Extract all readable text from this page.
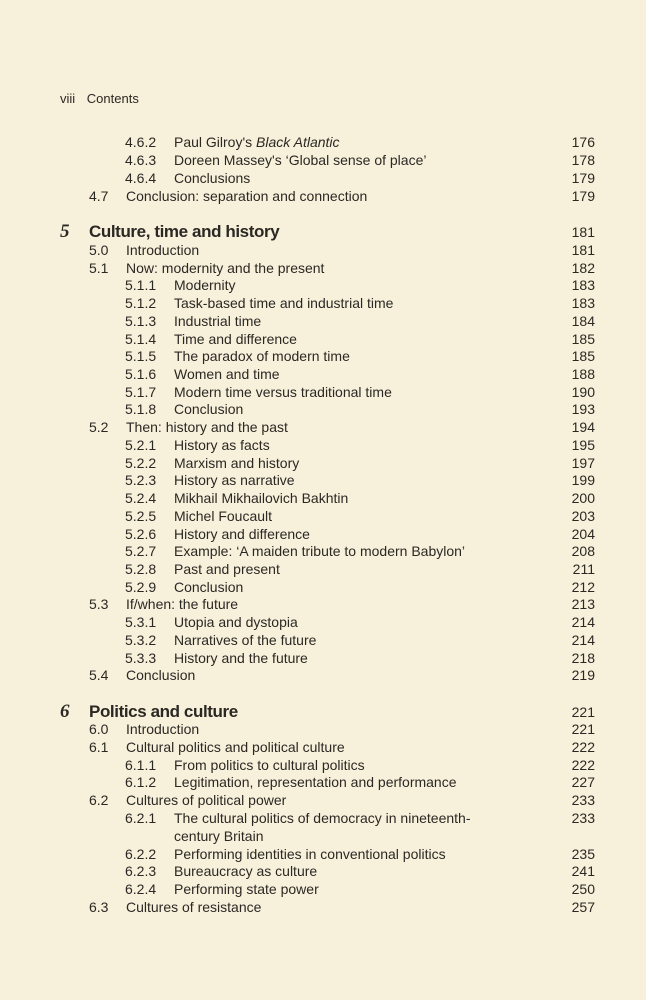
viii Contents
4.6.2 Paul Gilroy's Black Atlantic	176
4.6.3 Doreen Massey's ‘Global sense of place’	178
4.6.4 Conclusions	179
4.7 Conclusion: separation and connection	179
5 Culture, time and history	181
5.0 Introduction	181
5.1 Now: modernity and the present	182
5.1.1 Modernity	183
5.1.2 Task-based time and industrial time	183
5.1.3 Industrial time	184
5.1.4 Time and difference	185
5.1.5 The paradox of modern time	185
5.1.6 Women and time	188
5.1.7 Modern time versus traditional time	190
5.1.8 Conclusion	193
5.2 Then: history and the past	194
5.2.1 History as facts	195
5.2.2 Marxism and history	197
5.2.3 History as narrative	199
5.2.4 Mikhail Mikhailovich Bakhtin	200
5.2.5 Michel Foucault	203
5.2.6 History and difference	204
5.2.7 Example: ‘A maiden tribute to modern Babylon’	208
5.2.8 Past and present	211
5.2.9 Conclusion	212
5.3 If/when: the future	213
5.3.1 Utopia and dystopia	214
5.3.2 Narratives of the future	214
5.3.3 History and the future	218
5.4 Conclusion	219
6 Politics and culture	221
6.0 Introduction	221
6.1 Cultural politics and political culture	222
6.1.1 From politics to cultural politics	222
6.1.2 Legitimation, representation and performance	227
6.2 Cultures of political power	233
6.2.1 The cultural politics of democracy in nineteenth-	233
century Britain
6.2.2 Performing identities in conventional politics	235
6.2.3 Bureaucracy as culture	241
6.2.4 Performing state power	250
6.3 Cultures of resistance	257
